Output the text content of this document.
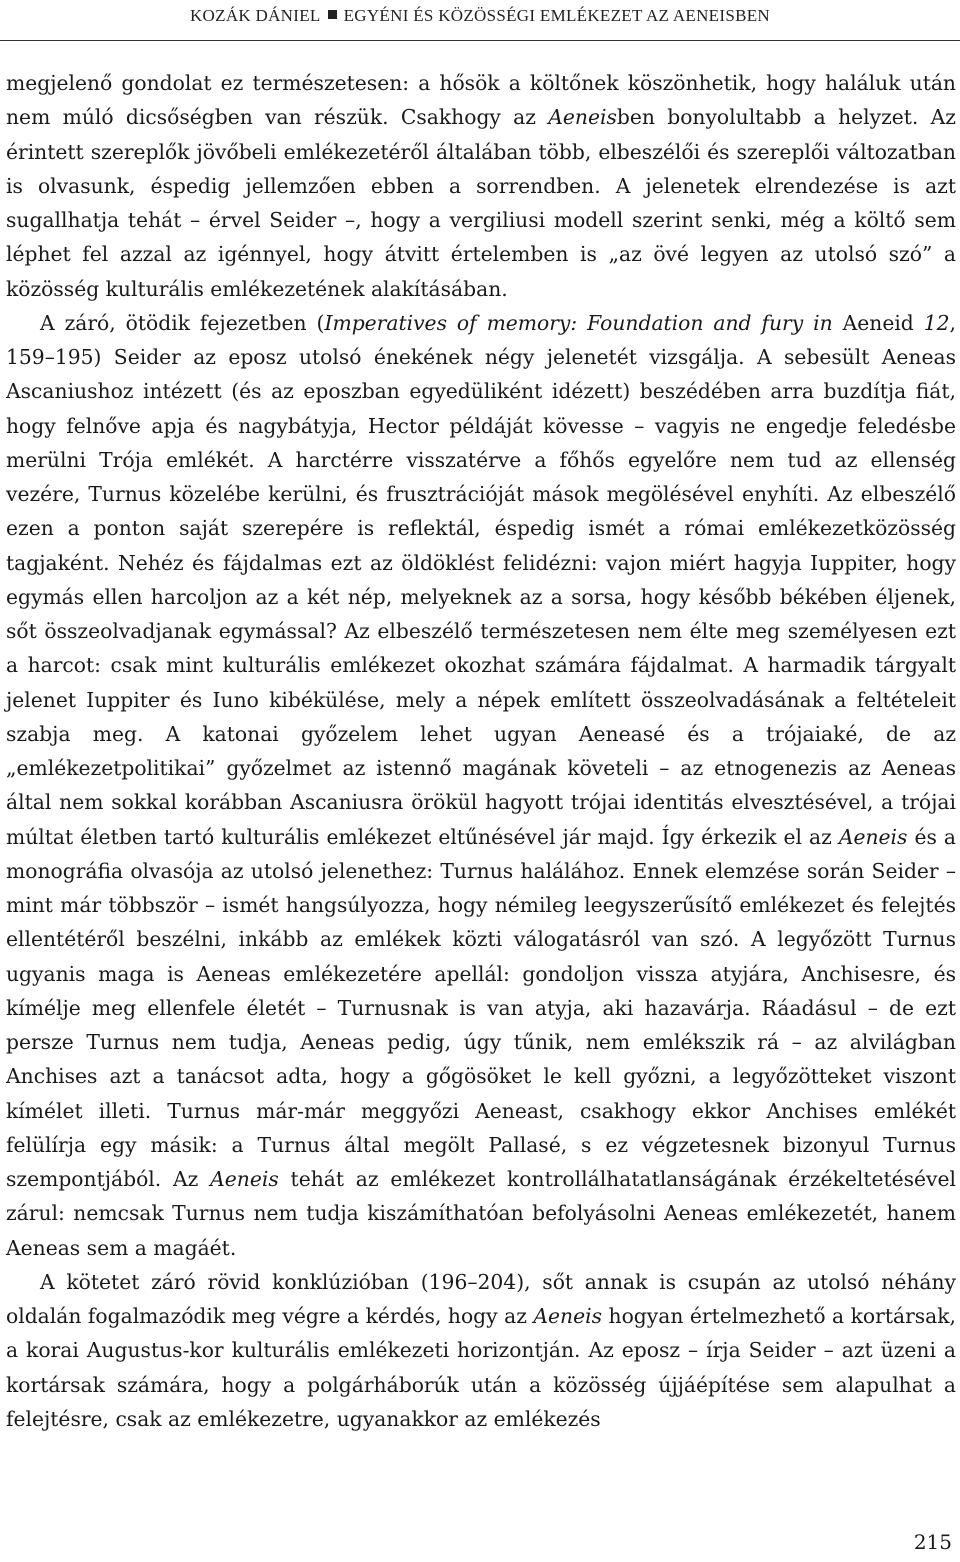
KOZÁK DÁNIEL EGYÉNI ÉS KÖZÖSSÉGI EMLÉKEZET AZ AENEISBEN

megjelenő gondolat ez természetesen: a hősök a költőnek köszönhetik, hogy haláluk után nem múló dicsőségben van részük. Csakhogy az Aeneisben bonyolultabb a helyzet. Az érintett szereplők jövőbeli emlékezetéről általában több, elbeszélői és szereplői változatban is olvasunk, éspedig jellemzően ebben a sorrendben. A jelenetek elrendezése is azt sugallhatja tehát – érvel Seider –, hogy a vergiliusi modell szerint senki, még a költő sem léphet fel azzal az igénnyel, hogy átvitt értelemben is „az övé legyen az utolsó szó” a közösség kulturális emlékezetének alakításában.

A záró, ötödik fejezetben (Imperatives of memory: Foundation and fury in Aeneid 12, 159–195) Seider az eposz utolsó énekének négy jelenetét vizsgálja. A sebesült Aeneas Ascaniushoz intézett (és az eposzban egyedüliként idézett) beszédében arra buzdítja fiát, hogy felnőve apja és nagybátyja, Hector példáját kövesse – vagyis ne engedje feledésbe merülni Trója emlékét. A harctérre visszatérve a főhős egyelőre nem tud az ellenség vezére, Turnus közelébe kerülni, és frusztrációját mások megölésével enyhíti. Az elbeszélő ezen a ponton saját szerepére is reflektál, éspedig ismét a római emlékezetközösség tagjaként. Nehéz és fájdalmas ezt az öldöklést felidézni: vajon miért hagyja Iuppiter, hogy egymás ellen harcoljon az a két nép, melyeknek az a sorsa, hogy később békében éljenek, sőt összeolvadjanak egymással? Az elbeszélő természetesen nem élte meg személyesen ezt a harcot: csak mint kulturális emlékezet okozhat számára fájdalmat. A harmadik tárgyalt jelenet Iuppiter és Iuno kibékülése, mely a népek említett összeolvadásának a feltételeit szabja meg. A katonai győzelem lehet ugyan Aeneasé és a trójaiaké, de az „emlékezetpolitikai” győzelmet az istennő magának követeli – az etnogenezis az Aeneas által nem sokkal korábban Ascaniusra örökül hagyott trójai identitás elvesztésével, a trójai múltat életben tartó kulturális emlékezet eltűnésével jár majd. Így érkezik el az Aeneis és a monográfia olvasója az utolsó jelenethez: Turnus halálához. Ennek elemzése során Seider – mint már többször – ismét hangsúlyozza, hogy némileg leegyszerűsítő emlékezet és felejtés ellentétéről beszélni, inkább az emlékek közti válogatásról van szó. A legyőzött Turnus ugyanis maga is Aeneas emlékezetére apellál: gondoljon vissza atyjára, Anchisesre, és kímélje meg ellenfele életét – Turnusnak is van atyja, aki hazavárja. Ráadásul – de ezt persze Turnus nem tudja, Aeneas pedig, úgy tűnik, nem emlékszik rá – az alvilágban Anchises azt a tanácsot adta, hogy a gőgösöket le kell győzni, a legyőzötteket viszont kímélet illeti. Turnus már-már meggyőzi Aeneast, csakhogy ekkor Anchises emlékét felülírja egy másik: a Turnus által megölt Pallasé, s ez végzetesnek bizonyul Turnus szempontjából. Az Aeneis tehát az emlékezet kontrollálhatatlanságának érzékeltetésével zárul: nemcsak Turnus nem tudja kiszámíthatóan befolyásolni Aeneas emlékezetét, hanem Aeneas sem a magáét.

A kötetet záró rövid konklúzióban (196–204), sőt annak is csupán az utolsó néhány oldalán fogalmazódik meg végre a kérdés, hogy az Aeneis hogyan értelmezhető a kortársak, a korai Augustus-kor kulturális emlékezeti horizontján. Az eposz – írja Seider – azt üzeni a kortársak számára, hogy a polgárháborúk után a közösség újjáépítése sem alapulhat a felejtésre, csak az emlékezetre, ugyanakkor az emlékezés

215
